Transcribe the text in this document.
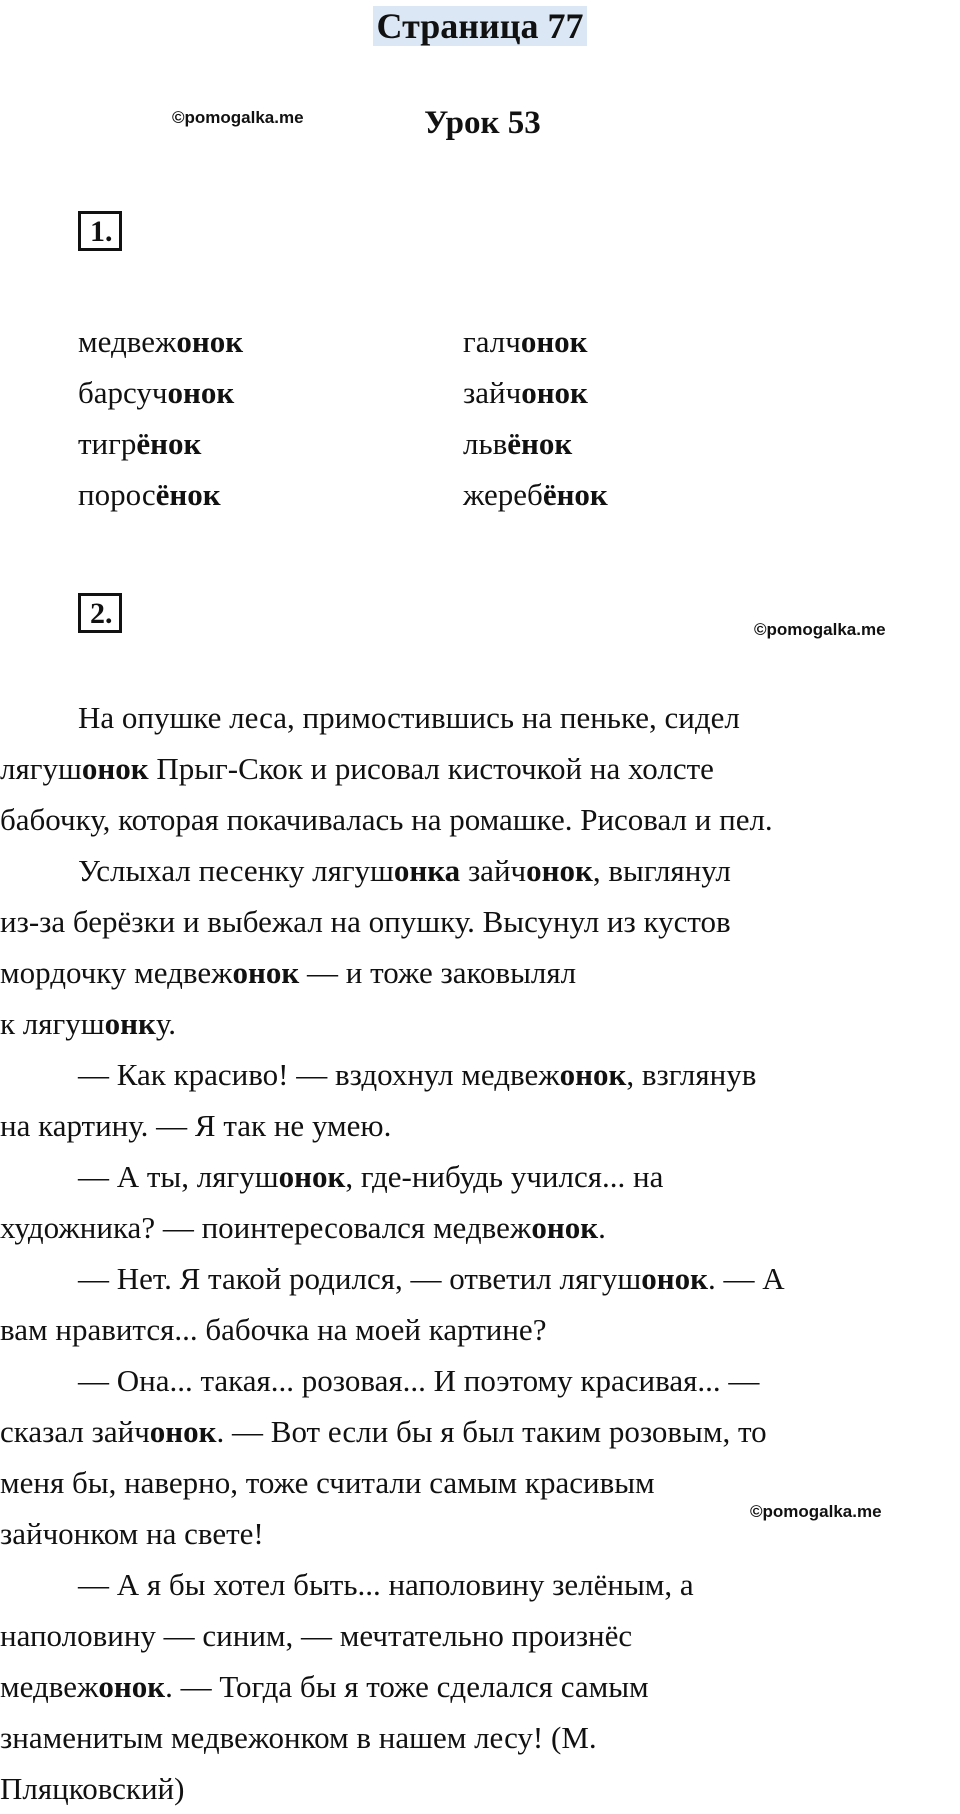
Страница 77
©pomogalka.me	Урок 53
1.
медвежонок
барсучонок
тигрёнок
поросёнок
галчонок
зайчонок
львёнок
жеребёнок
2.	©pomogalka.me
На опушке леса, примостившись на пеньке, сидел
лягушонок Прыг-Скок и рисовал кисточкой на холсте
бабочку, которая покачивалась на ромашке. Рисовал и пел.
Услыхал песенку лягушонка зайчонок, выглянул
из-за берёзки и выбежал на опушку. Высунул из кустов
мордочку медвежонок — и тоже заковылял
к лягушонку.
— Как красиво! — вздохнул медвежонок, взглянув
на картину. — Я так не умею.
— А ты, лягушонок, где-нибудь учился... на
художника? — поинтересовался медвежонок.
— Нет. Я такой родился, — ответил лягушонок. — А
вам нравится... бабочка на моей картине?
— Она... такая... розовая... И поэтому красивая... —
сказал зайчонок. — Вот если бы я был таким розовым, то
меня бы, наверно, тоже считали самым красивым
зайчонком на свете!
— А я бы хотел быть... наполовину зелёным, а
наполовину — синим, — мечтательно произнёс
медвежонок. — Тогда бы я тоже сделался самым
знаменитым медвежонком в нашем лесу! (М.
Пляцковский)
©pomogalka.me
